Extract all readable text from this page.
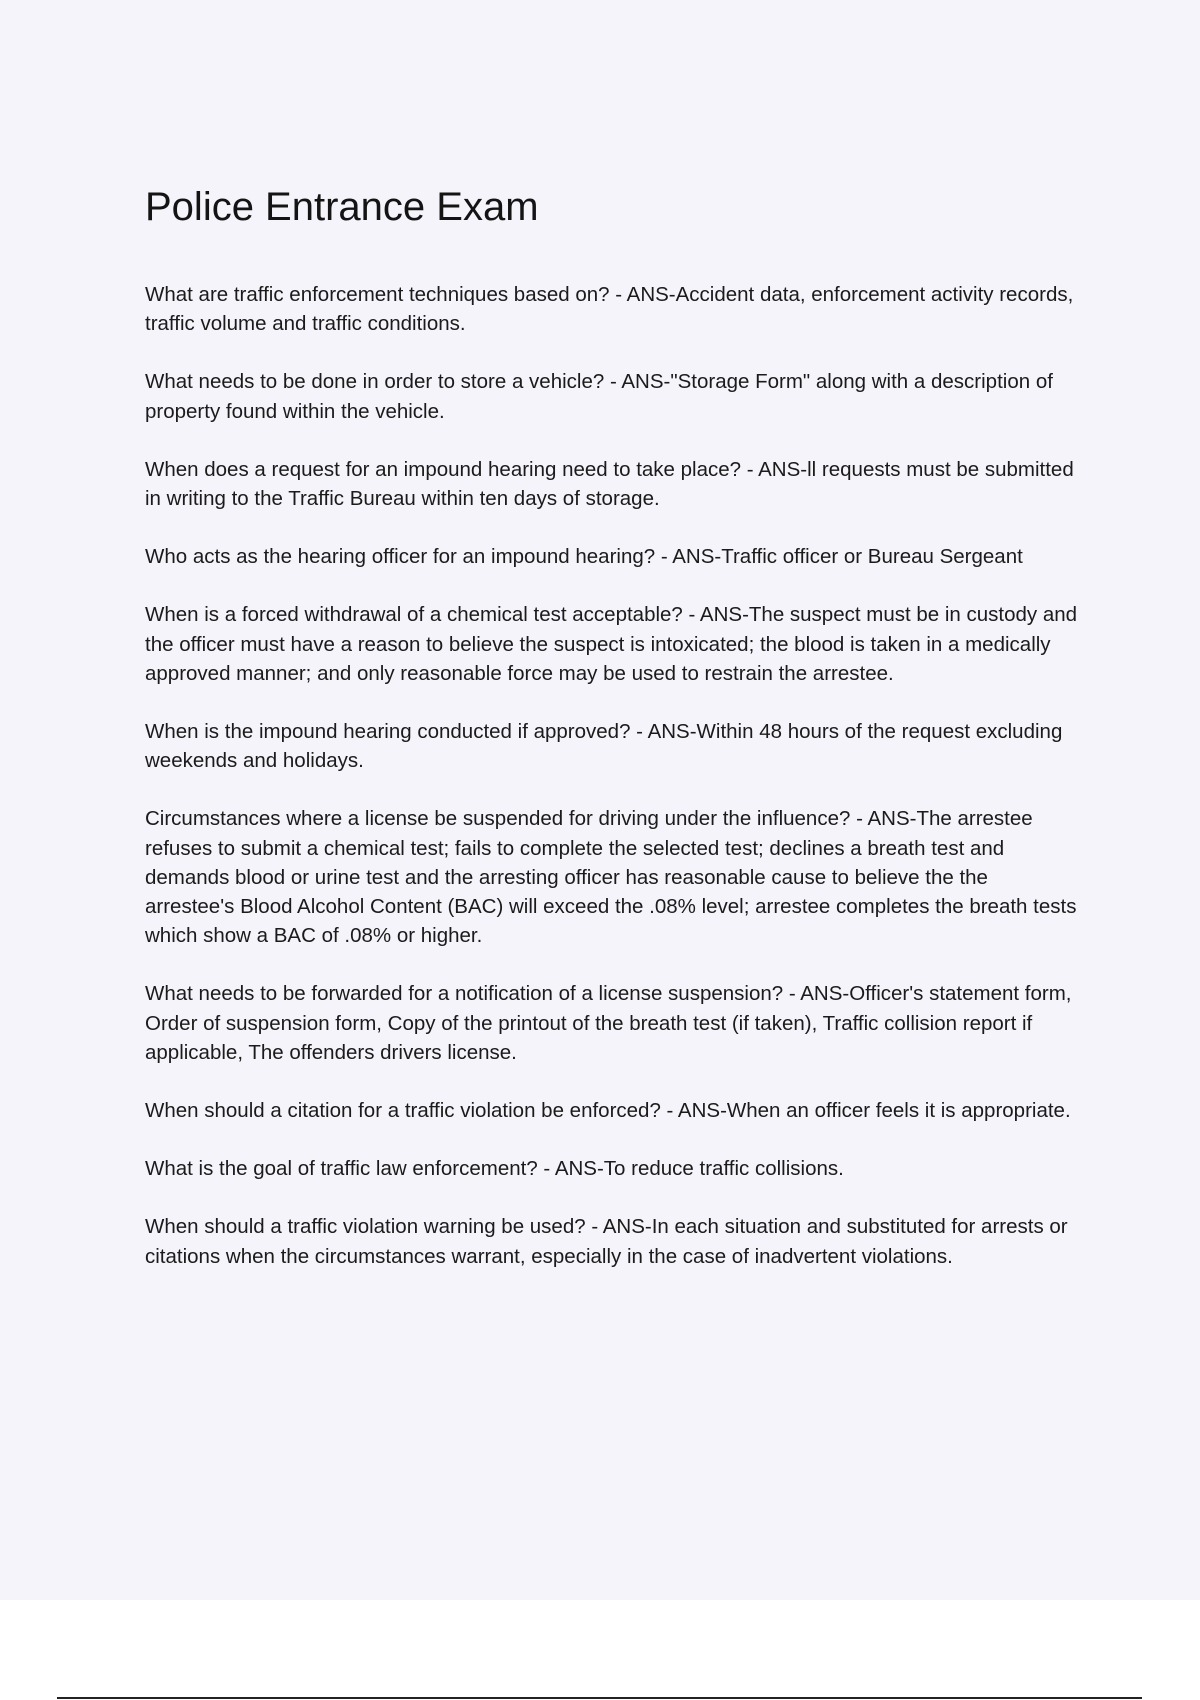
Police Entrance Exam
What are traffic enforcement techniques based on? - ANS-Accident data, enforcement activity records, traffic volume and traffic conditions.
What needs to be done in order to store a vehicle? - ANS-"Storage Form" along with a description of property found within the vehicle.
When does a request for an impound hearing need to take place? - ANS-ll requests must be submitted in writing to the Traffic Bureau within ten days of storage.
Who acts as the hearing officer for an impound hearing? - ANS-Traffic officer or Bureau Sergeant
When is a forced withdrawal of a chemical test acceptable? - ANS-The suspect must be in custody and the officer must have a reason to believe the suspect is intoxicated; the blood is taken in a medically approved manner; and only reasonable force may be used to restrain the arrestee.
When is the impound hearing conducted if approved? - ANS-Within 48 hours of the request excluding weekends and holidays.
Circumstances where a license be suspended for driving under the influence? - ANS-The arrestee refuses to submit a chemical test; fails to complete the selected test; declines a breath test and demands blood or urine test and the arresting officer has reasonable cause to believe the the arrestee's Blood Alcohol Content (BAC) will exceed the .08% level; arrestee completes the breath tests which show a BAC of .08% or higher.
What needs to be forwarded for a notification of a license suspension? - ANS-Officer's statement form, Order of suspension form, Copy of the printout of the breath test (if taken), Traffic collision report if applicable, The offenders drivers license.
When should a citation for a traffic violation be enforced? - ANS-When an officer feels it is appropriate.
What is the goal of traffic law enforcement? - ANS-To reduce traffic collisions.
When should a traffic violation warning be used? - ANS-In each situation and substituted for arrests or citations when the circumstances warrant, especially in the case of inadvertent violations.
